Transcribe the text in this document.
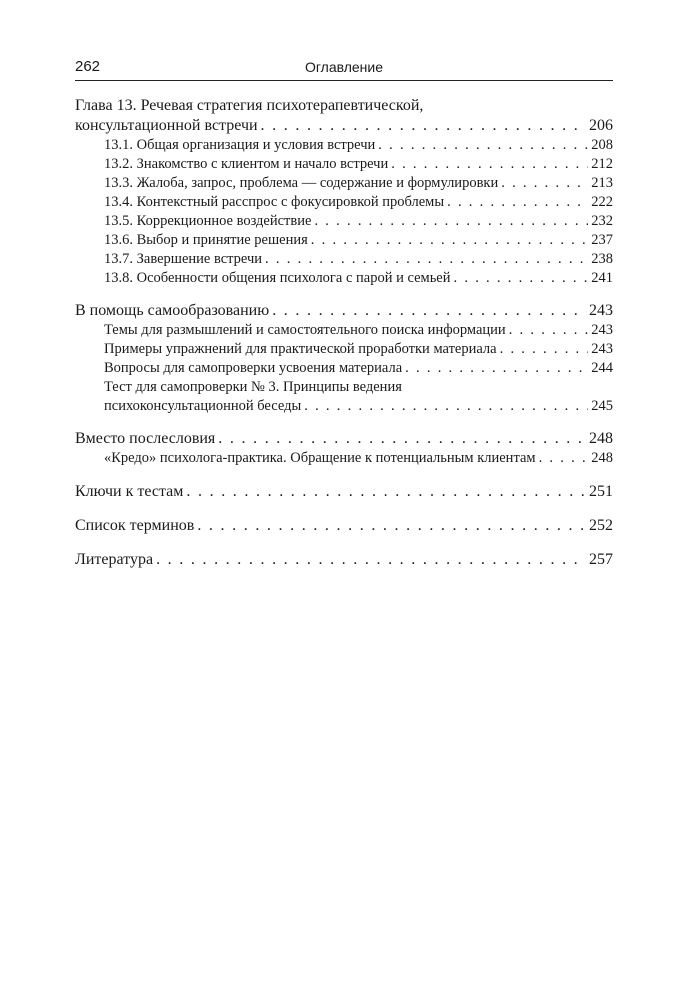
262	Оглавление
Глава 13. Речевая стратегия психотерапевтической,
консультационной встречи . . .	206
13.1. Общая организация и условия встречи . . .	208
13.2. Знакомство с клиентом и начало встречи . . .	212
13.3. Жалоба, запрос, проблема — содержание и формулировки . . .	213
13.4. Контекстный расспрос с фокусировкой проблемы . . .	222
13.5. Коррекционное воздействие . . .	232
13.6. Выбор и принятие решения . . .	237
13.7. Завершение встречи . . .	238
13.8. Особенности общения психолога с парой и семьей . . .	241
В помощь самообразованию . . .	243
Темы для размышлений и самостоятельного поиска информации . . .	243
Примеры упражнений для практической проработки материала . . .	243
Вопросы для самопроверки усвоения материала . . .	244
Тест для самопроверки № 3. Принципы ведения
психоконсультационной беседы . . .	245
Вместо послесловия . . .	248
«Кредо» психолога-практика. Обращение к потенциальным клиентам . . .	248
Ключи к тестам . . .	251
Список терминов . . .	252
Литература . . .	257
